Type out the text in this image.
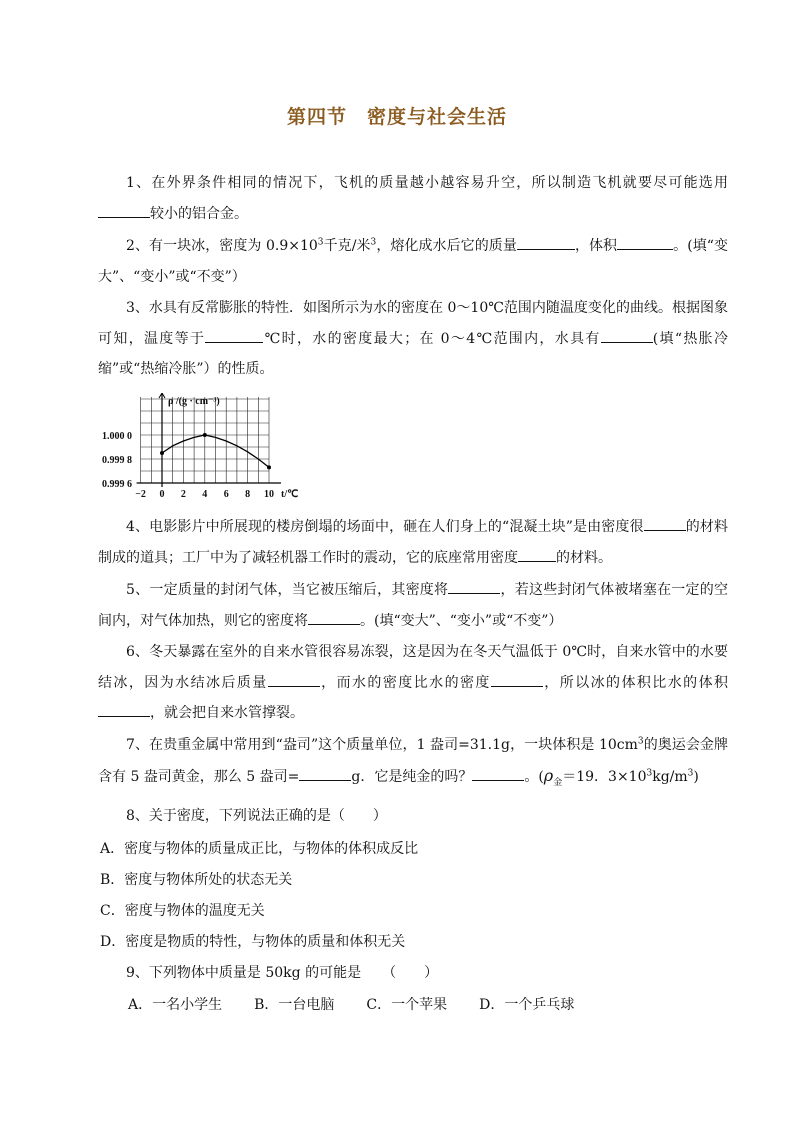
第四节　密度与社会生活
1、在外界条件相同的情况下，飞机的质量越小越容易升空，所以制造飞机就要尽可能选用较小的铝合金。
2、有一块冰，密度为 $0.9\times 10^3$千克/米$^3$，熔化成水后它的质量	，体积	。(填“变大”、“变小”或“不变”）
3、水具有反常膨胀的特性．如图所示为水的密度在 0～10℃范围内随温度变化的曲线。根据图象可知，温度等于	℃时，水的密度最大；在 0～4℃范围内，水具有	(填“热胀冷缩”或“热缩冷胀”）的性质。
ρ /(g · cm⁻³)
t/℃
1.000 0
0.999 8
0.999 6
−2 0 2 4 6 8 10
4、电影影片中所展现的楼房倒塌的场面中，砸在人们身上的“混凝土块”是由密度很	的材料制成的道具；工厂中为了减轻机器工作时的震动，它的底座常用密度	的材料。
5、一定质量的封闭气体，当它被压缩后，其密度将	，若这些封闭气体被堵塞在一定的空间内，对气体加热，则它的密度将	。(填“变大”、“变小”或“不变”）
6、冬天暴露在室外的自来水管很容易冻裂，这是因为在冬天气温低于 0℃时，自来水管中的水要结冰，因为水结冰后质量	，而水的密度比水的密度	，所以冰的体积比水的体积，就会把自来水管撑裂。
7、在贵重金属中常用到“盎司”这个质量单位，1 盎司=31.1g，一块体积是 $10cm^3$的奥运会金牌含有 5 盎司黄金，那么 5 盎司=	g．它是纯金的吗？	。($\rho_金=19$．$3\times 10^3kg/m^3$)
8、关于密度，下列说法正确的是（　　）
A．密度与物体的质量成正比，与物体的体积成反比
B．密度与物体所处的状态无关
C．密度与物体的温度无关
D．密度是物质的特性，与物体的质量和体积无关
9、下列物体中质量是 50kg 的可能是　　（　　）
A．一名小学生 B．一台电脑 C．一个苹果 D．一个乒乓球
